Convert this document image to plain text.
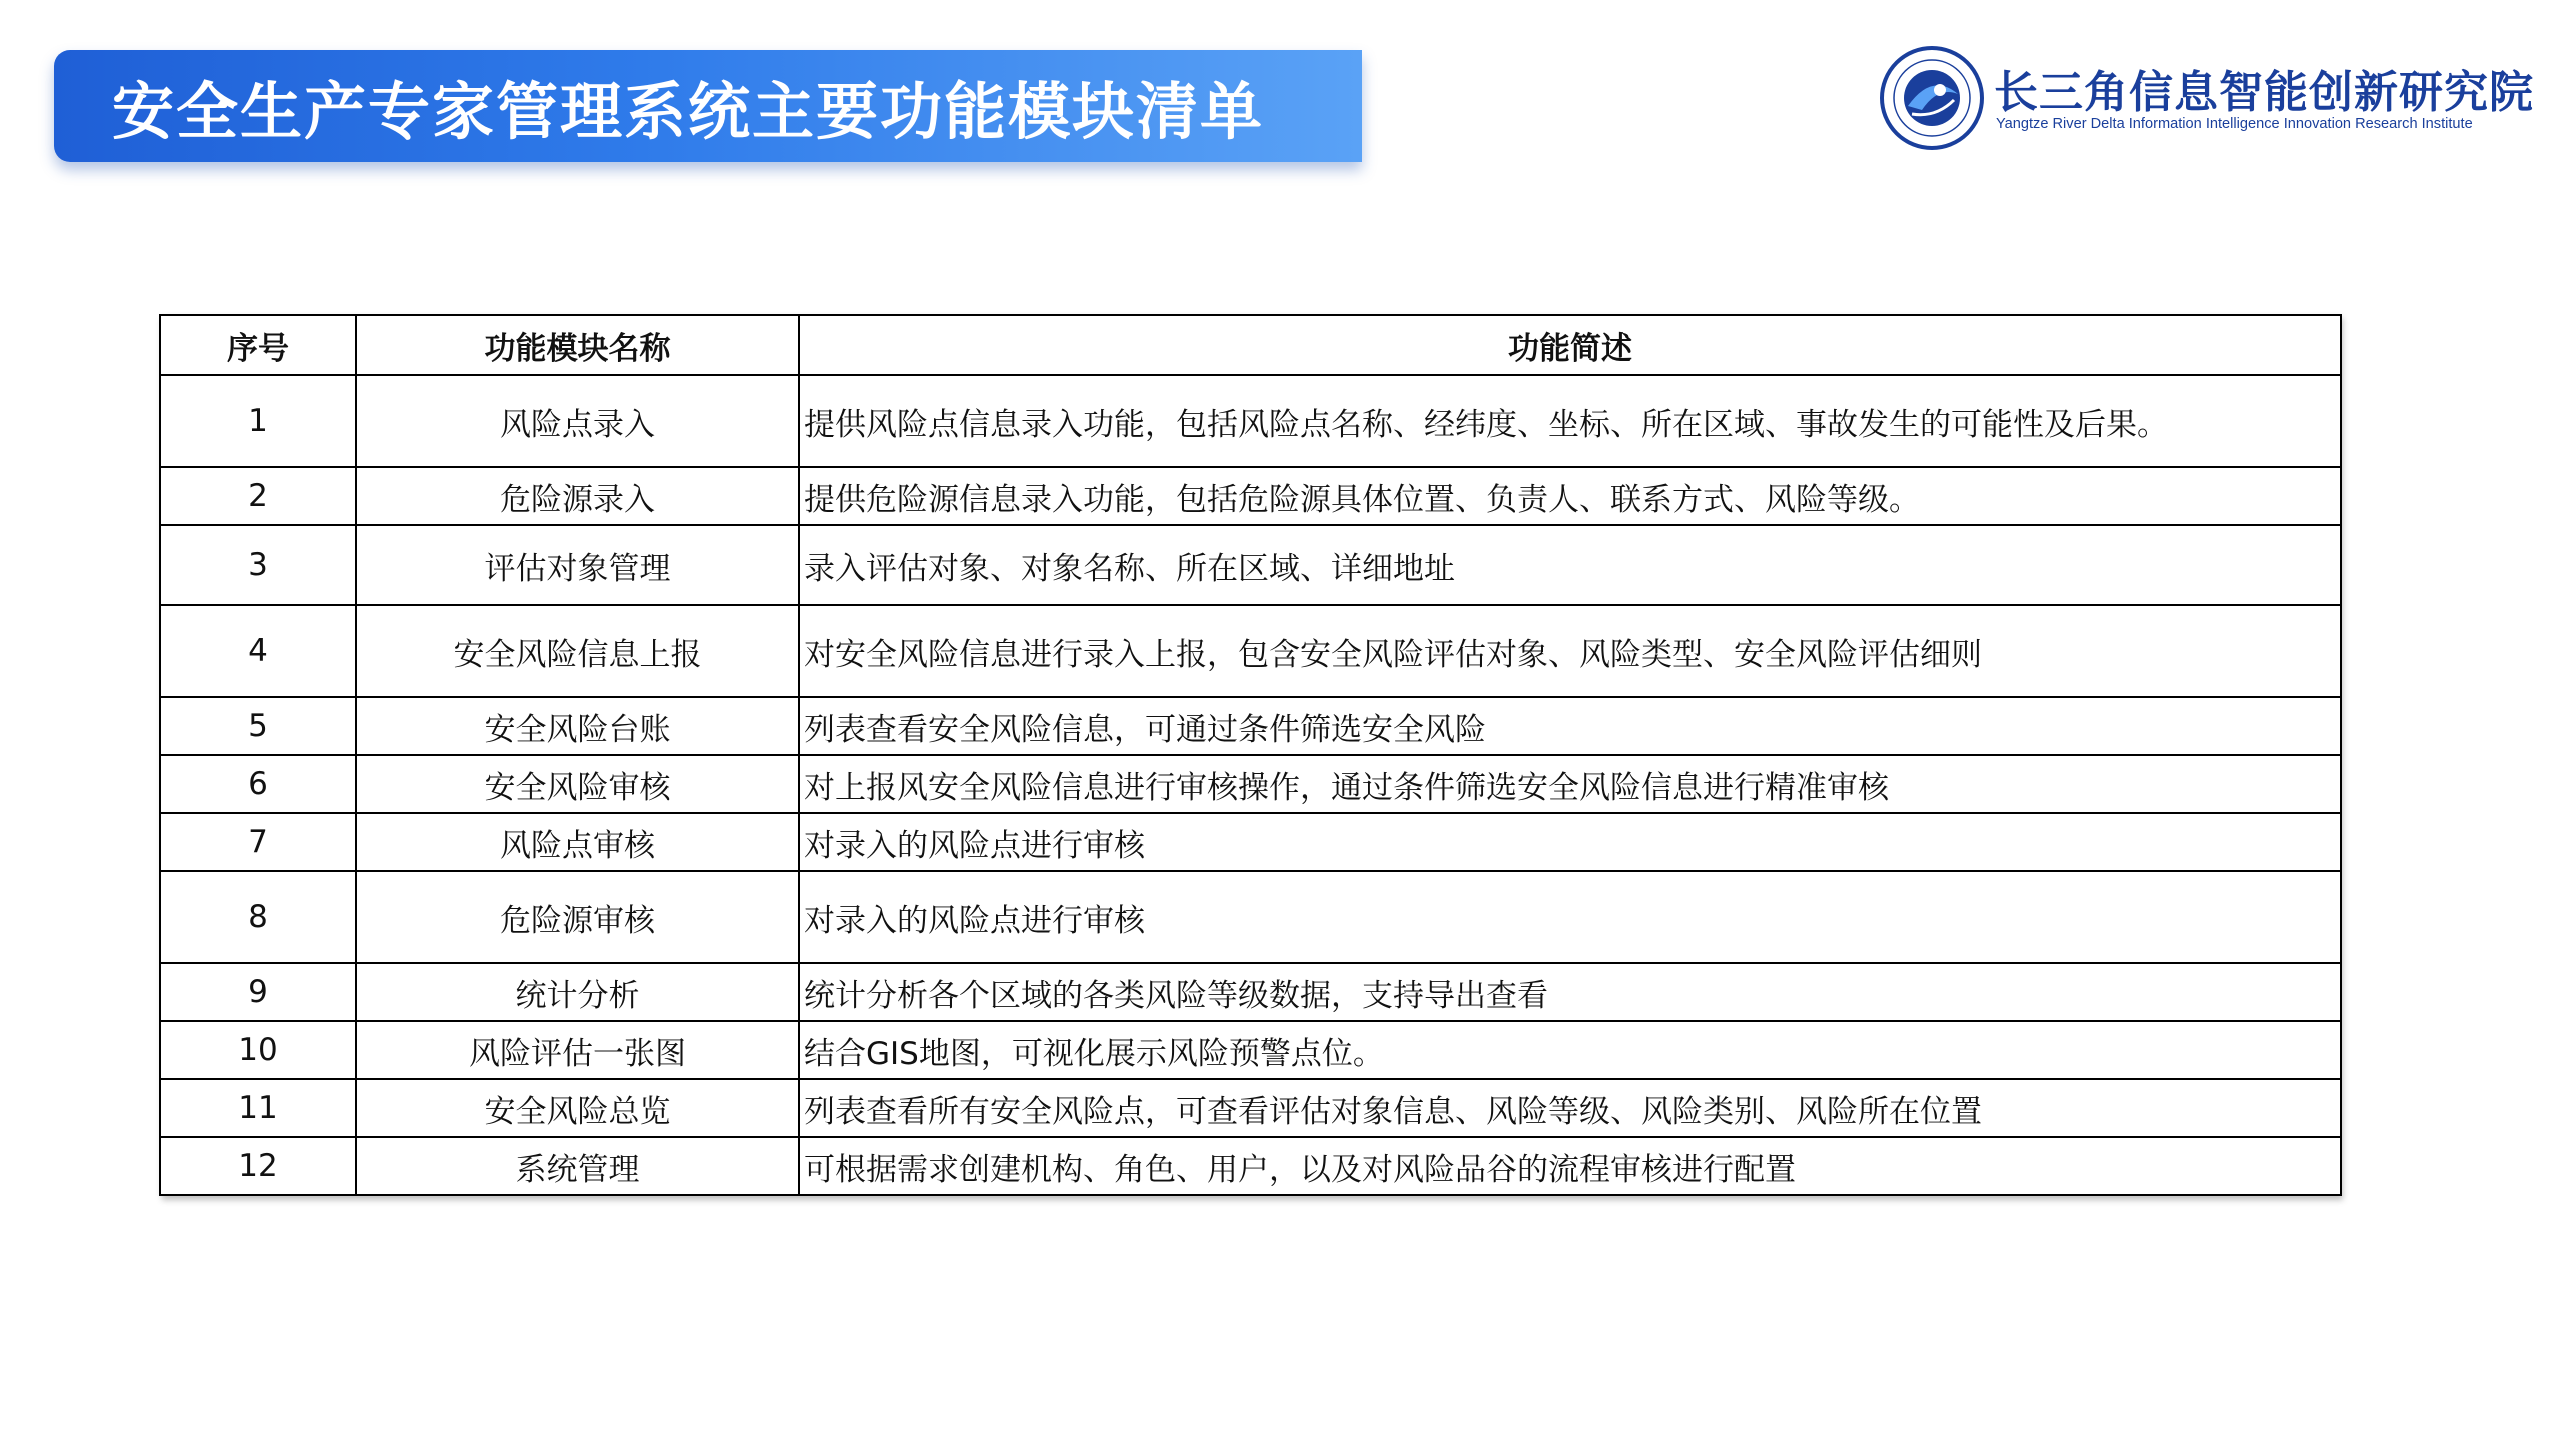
安全生产专家管理系统主要功能模块清单	长三角信息智能创新研究院
Yangtze River Delta Information Intelligence Innovation Research Institute
序号	功能模块名称	功能简述
1	风险点录入	提供风险点信息录入功能，包括风险点名称、经纬度、坐标、所在区域、事故发生的可能性及后果。
2	危险源录入	提供危险源信息录入功能，包括危险源具体位置、负责人、联系方式、风险等级。
3	评估对象管理	录入评估对象、对象名称、所在区域、详细地址
4	安全风险信息上报	对安全风险信息进行录入上报，包含安全风险评估对象、风险类型、安全风险评估细则
5	安全风险台账	列表查看安全风险信息，可通过条件筛选安全风险
6	安全风险审核	对上报风安全风险信息进行审核操作，通过条件筛选安全风险信息进行精准审核
7	风险点审核	对录入的风险点进行审核
8	危险源审核	对录入的风险点进行审核
9	统计分析	统计分析各个区域的各类风险等级数据，支持导出查看
10	风险评估一张图	结合GIS地图，可视化展示风险预警点位。
11	安全风险总览	列表查看所有安全风险点，可查看评估对象信息、风险等级、风险类别、风险所在位置
12	系统管理	可根据需求创建机构、角色、用户，以及对风险品谷的流程审核进行配置
